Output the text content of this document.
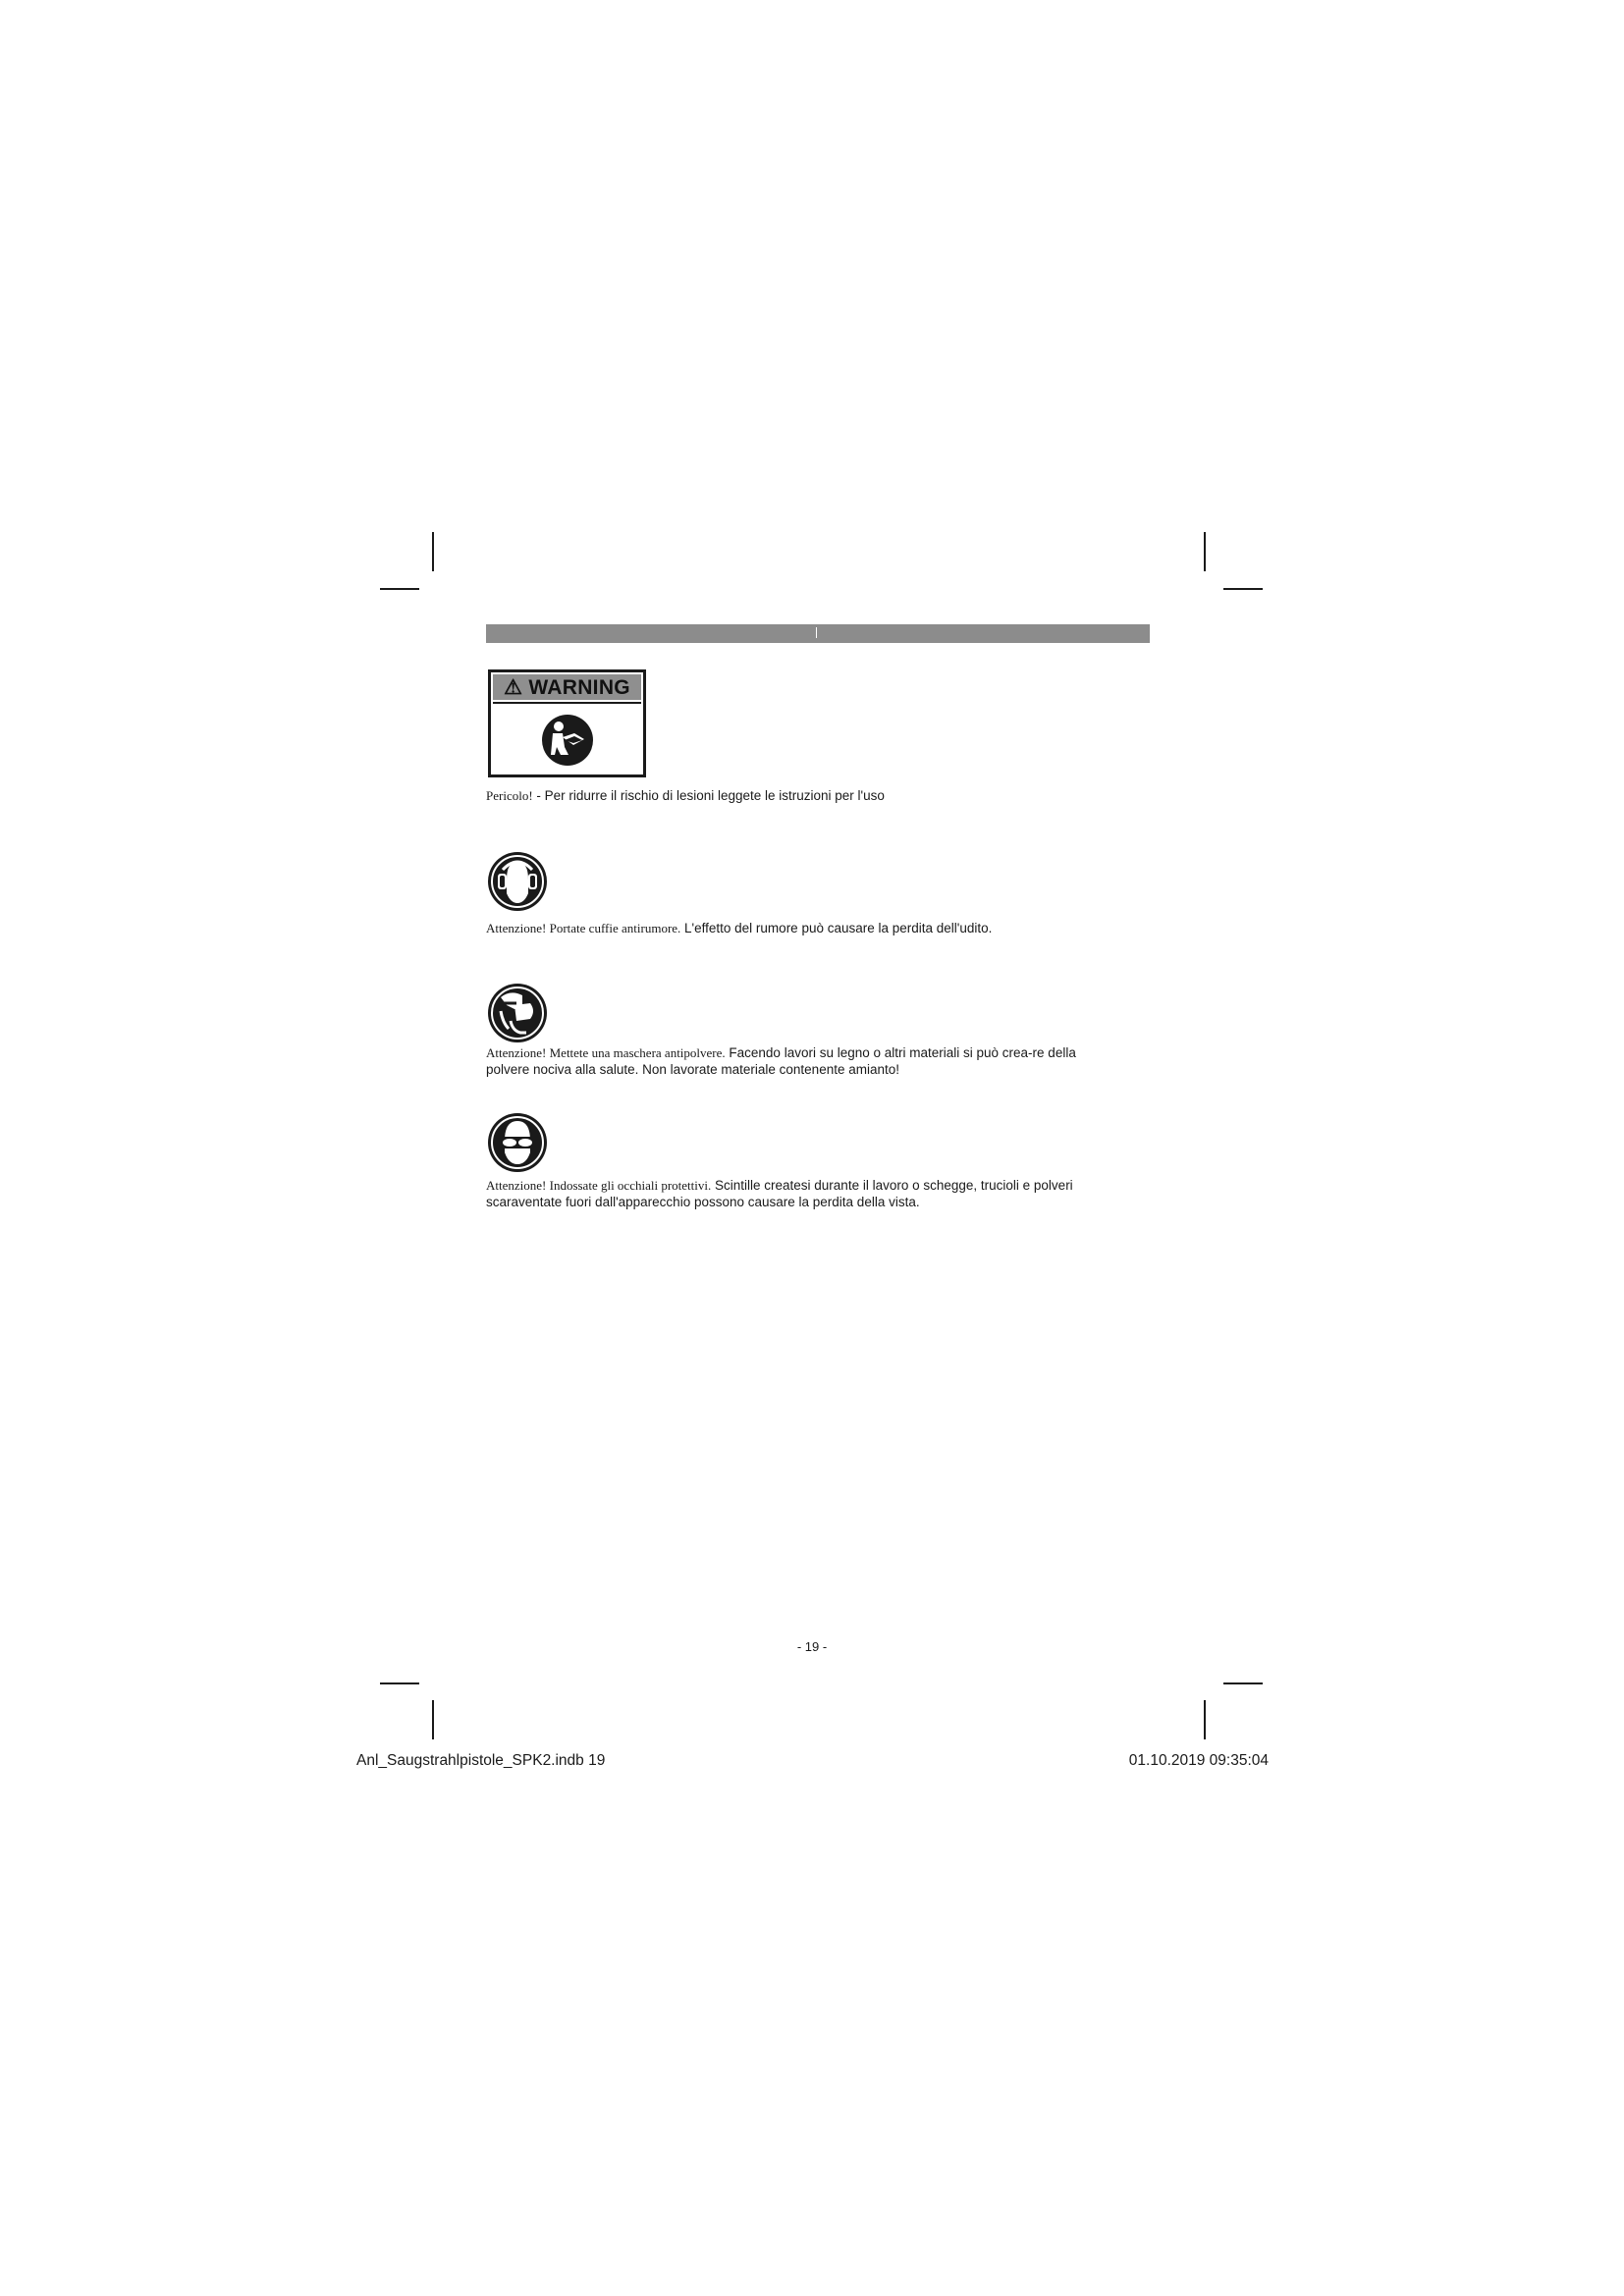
⚠ WARNING
Pericolo! - Per ridurre il rischio di lesioni leggete le istruzioni per l'uso
Attenzione! Portate cuffie antirumore. L'effetto del rumore può causare la perdita dell'udito.
Attenzione! Mettete una maschera antipolvere. Facendo lavori su legno o altri materiali si può crea-re della polvere nociva alla salute. Non lavorate materiale contenente amianto!
Attenzione! Indossate gli occhiali protettivi. Scintille createsi durante il lavoro o schegge, trucioli e polveri scaraventate fuori dall'apparecchio possono causare la perdita della vista.
- 19 -
Anl_Saugstrahlpistole_SPK2.indb 19	01.10.2019 09:35:04
